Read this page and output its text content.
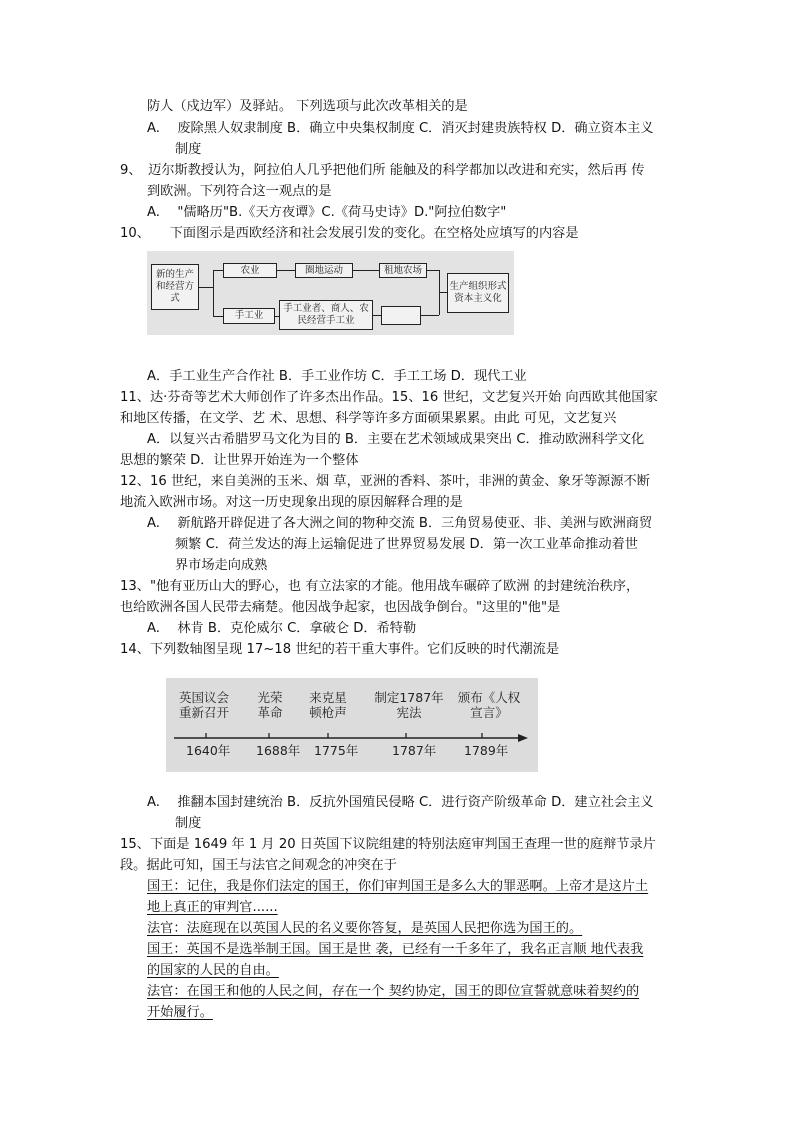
防人（戍边军）及驿站。 下列选项与此次改革相关的是
A.　 废除黑人奴隶制度 B．确立中央集权制度 C．消灭封建贵族特权 D．确立资本主义
制度
9、　迈尔斯教授认为，阿拉伯人几乎把他们所 能触及的科学都加以改进和充实，然后再 传
到欧洲。下列符合这一观点的是
A.　 "儒略历"B.《天方夜谭》C.《荷马史诗》D."阿拉伯数字"
10、　　下面图示是西欧经济和社会发展引发的变化。在空格处应填写的内容是
新的生产和经营方式
农业	圈地运动	租地农场
手工业
手工业者、商人、农民经营手工业
生产组织形式资本主义化
A．手工业生产合作社 B．手工业作坊 C．手工工场 D．现代工业
11、达·芬奇等艺术大师创作了许多杰出作品。15、16 世纪，文艺复兴开始 向西欧其他国家
和地区传播，在文学、艺 术、思想、科学等许多方面硕果累累。由此 可见，文艺复兴
A．以复兴古希腊罗马文化为目的 B．主要在艺术领域成果突出 C．推动欧洲科学文化
思想的繁荣 D．让世界开始连为一个整体
12、16 世纪，来自美洲的玉米、烟 草，亚洲的香料、茶叶，非洲的黄金、象牙等源源不断
地流入欧洲市场。对这一历史现象出现的原因解释合理的是
A.　 新航路开辟促进了各大洲之间的物种交流 B．三角贸易使亚、非、美洲与欧洲商贸
频繁 C．荷兰发达的海上运输促进了世界贸易发展 D．第一次工业革命推动着世
界市场走向成熟
13、"他有亚历山大的野心，也 有立法家的才能。他用战车碾碎了欧洲 的封建统治秩序，
也给欧洲各国人民带去痛楚。他因战争起家，也因战争倒台。"这里的"他"是
A.　 林肯 B．克伦威尔 C．拿破仑 D．希特勒
14、下列数轴图呈现 17~18 世纪的若干重大事件。它们反映的时代潮流是
英国议会重新召开
光荣革命
来克星顿枪声
制定1787年宪法
颁布《人权宣言》
1640年 1688年 1775年	1787年 1789年
A.　 推翻本国封建统治 B．反抗外国殖民侵略 C．进行资产阶级革命 D．建立社会主义
制度
15、下面是 1649 年 1 月 20 日英国下议院组建的特别法庭审判国王查理一世的庭辩节录片
段。据此可知，国王与法官之间观念的冲突在于
国王：记住，我是你们法定的国王，你们审判国王是多么大的罪恶啊。上帝才是这片土
地上真正的审判官......
法官：法庭现在以英国人民的名义要你答复，是英国人民把你选为国王的。
国王：英国不是选举制王国。国王是世 袭，已经有一千多年了，我名正言顺 地代表我
的国家的人民的自由。
法官：在国王和他的人民之间，存在一个 契约协定，国王的即位宣誓就意味着契约的
开始履行。
